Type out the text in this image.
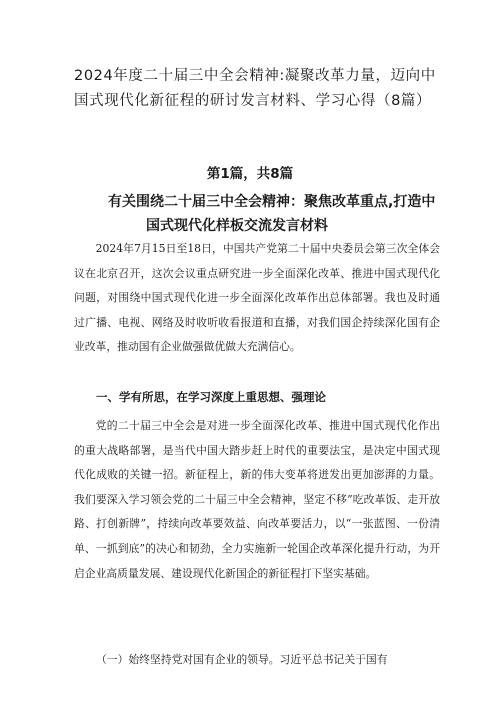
2024年度二十届三中全会精神:凝聚改革力量，迈向中国式现代化新征程的研讨发言材料、学习心得（8篇）
第1篇，共8篇
有关围绕二十届三中全会精神：聚焦改革重点,打造中
国式现代化样板交流发言材料

2024年7月15日至18日，中国共产党第二十届中央委员会第三次全体会议在北京召开，这次会议重点研究进一步全面深化改革、推进中国式现代化问题，对围绕中国式现代化进一步全面深化改革作出总体部署。我也及时通过广播、电视、网络及时收听收看报道和直播，对我们国企持续深化国有企业改革，推动国有企业做强做优做大充满信心。

一、学有所思，在学习深度上重思想、强理论

党的二十届三中全会是对进一步全面深化改革、推进中国式现代化作出的重大战略部署，是当代中国大踏步赶上时代的重要法宝，是决定中国式现代化成败的关键一招。新征程上，新的伟大变革将迸发出更加澎湃的力量。我们要深入学习领会党的二十届三中全会精神，坚定不移”吃改革饭、走开放路、打创新牌”，持续向改革要效益、向改革要活力，以“一张蓝图、一份清单、一抓到底”的决心和韧劲，全力实施新一轮国企改革深化提升行动，为开启企业高质量发展、建设现代化新国企的新征程打下坚实基础。

（一）始终坚持党对国有企业的领导。习近平总书记关于国有
